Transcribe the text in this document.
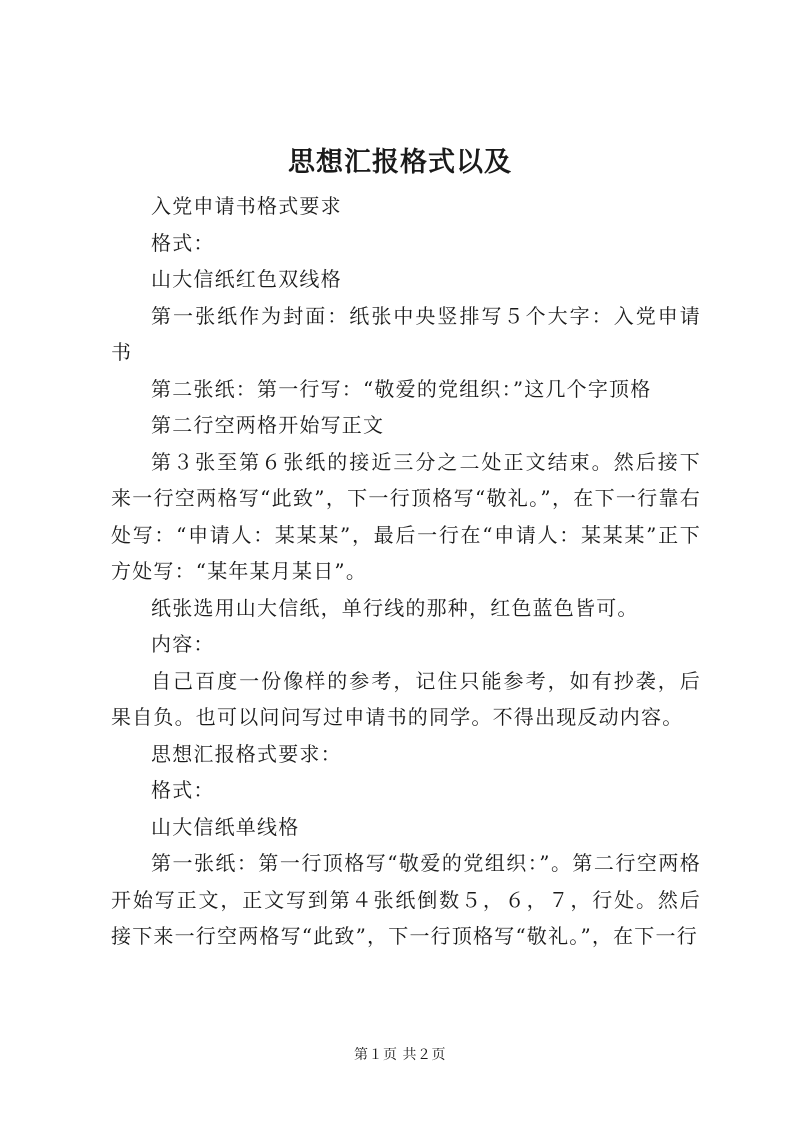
思想汇报格式以及

入党申请书格式要求

格式：

山大信纸红色双线格

第一张纸作为封面：纸张中央竖排写５个大字：入党申请书

第二张纸：第一行写：“敬爱的党组织：”这几个字顶格

第二行空两格开始写正文

第３张至第６张纸的接近三分之二处正文结束。然后接下来一行空两格写“此致”，下一行顶格写“敬礼。”，在下一行靠右处写：“申请人：某某某”，最后一行在“申请人：某某某”正下方处写：“某年某月某日”。

纸张选用山大信纸，单行线的那种，红色蓝色皆可。

内容：

自己百度一份像样的参考，记住只能参考，如有抄袭，后果自负。也可以问问写过申请书的同学。不得出现反动内容。

思想汇报格式要求：

格式：

山大信纸单线格

第一张纸：第一行顶格写“敬爱的党组织：”。第二行空两格开始写正文，正文写到第４张纸倒数５，６，７，行处。然后接下来一行空两格写“此致”，下一行顶格写“敬礼。”，在下一行

第１页 共２页
